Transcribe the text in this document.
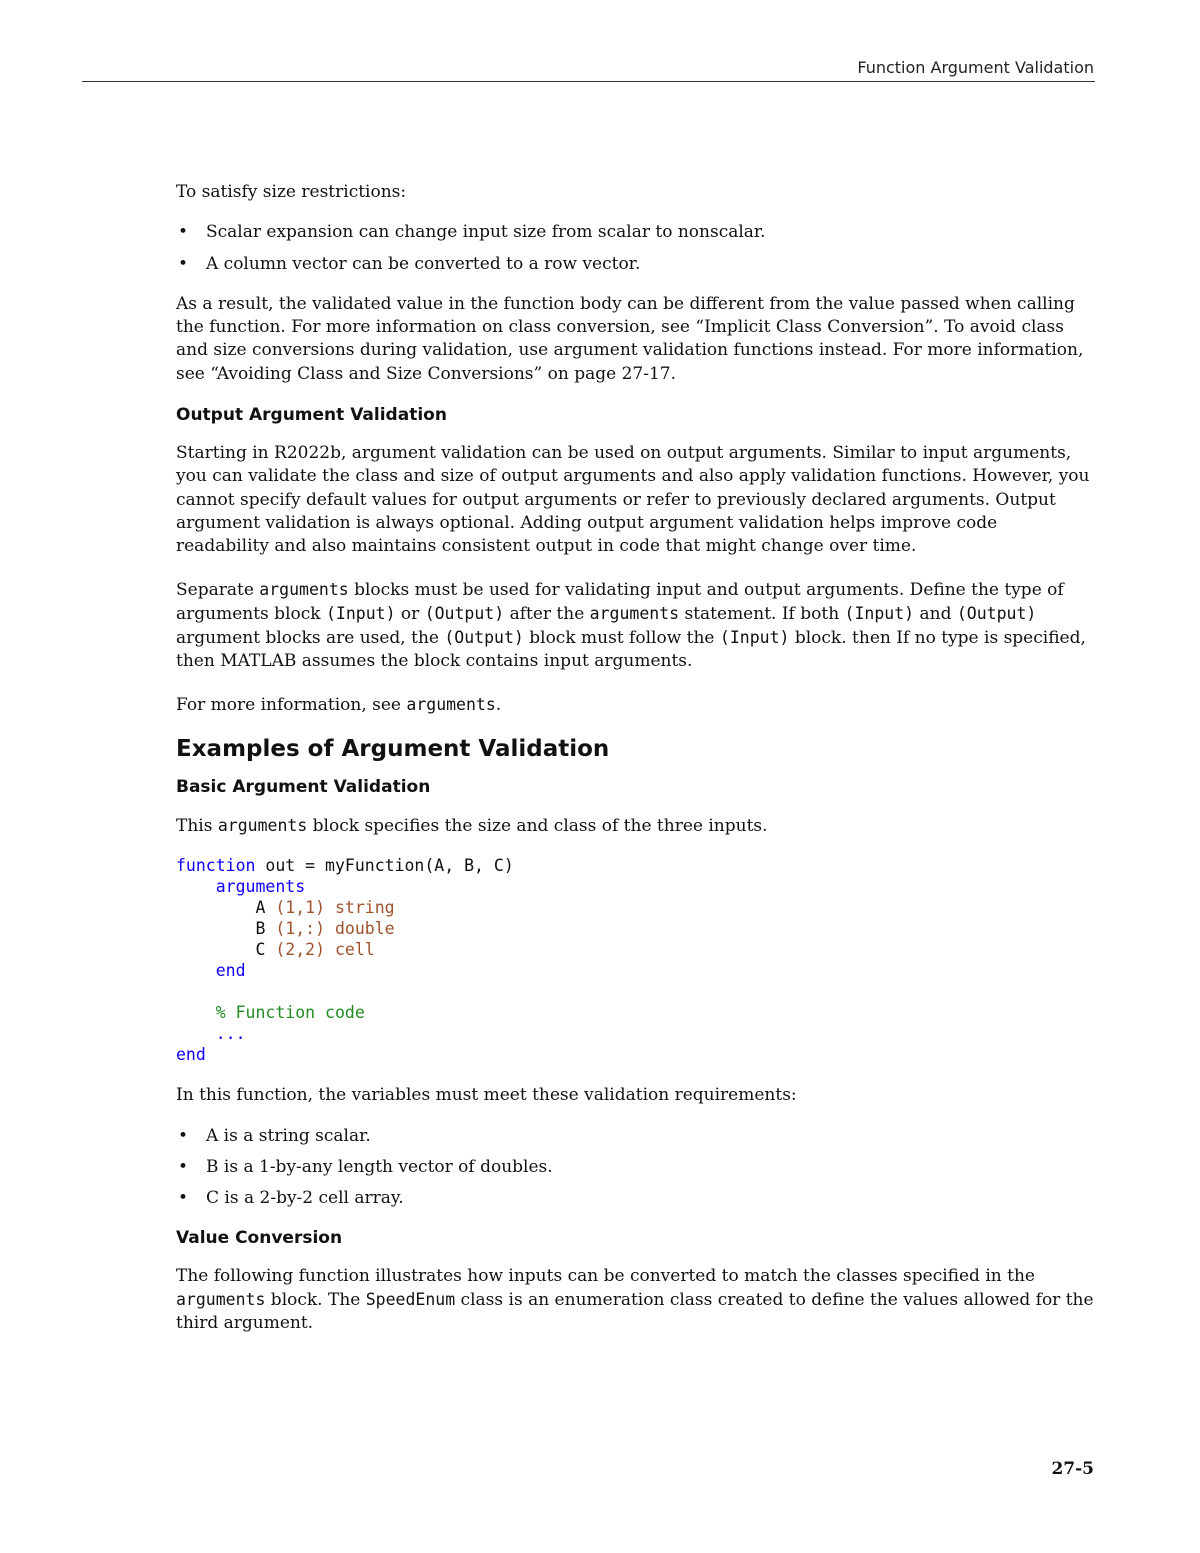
Function Argument Validation

To satisfy size restrictions:

• Scalar expansion can change input size from scalar to nonscalar.
• A column vector can be converted to a row vector.

As a result, the validated value in the function body can be different from the value passed when calling the function. For more information on class conversion, see “Implicit Class Conversion”. To avoid class and size conversions during validation, use argument validation functions instead. For more information, see “Avoiding Class and Size Conversions” on page 27-17.

Output Argument Validation

Starting in R2022b, argument validation can be used on output arguments. Similar to input arguments, you can validate the class and size of output arguments and also apply validation functions. However, you cannot specify default values for output arguments or refer to previously declared arguments. Output argument validation is always optional. Adding output argument validation helps improve code readability and also maintains consistent output in code that might change over time.

Separate arguments blocks must be used for validating input and output arguments. Define the type of arguments block (Input) or (Output) after the arguments statement. If both (Input) and (Output) argument blocks are used, the (Output) block must follow the (Input) block. then If no type is specified, then MATLAB assumes the block contains input arguments.

For more information, see arguments.

Examples of Argument Validation
Basic Argument Validation

This arguments block specifies the size and class of the three inputs.

function out = myFunction(A, B, C)
arguments
A (1,1) string
B (1,:) double
C (2,2) cell
end

% Function code
...
end

In this function, the variables must meet these validation requirements:

• A is a string scalar.
• B is a 1-by-any length vector of doubles.
• C is a 2-by-2 cell array.
Value Conversion

The following function illustrates how inputs can be converted to match the classes specified in the arguments block. The SpeedEnum class is an enumeration class created to define the values allowed for the third argument.

27-5
